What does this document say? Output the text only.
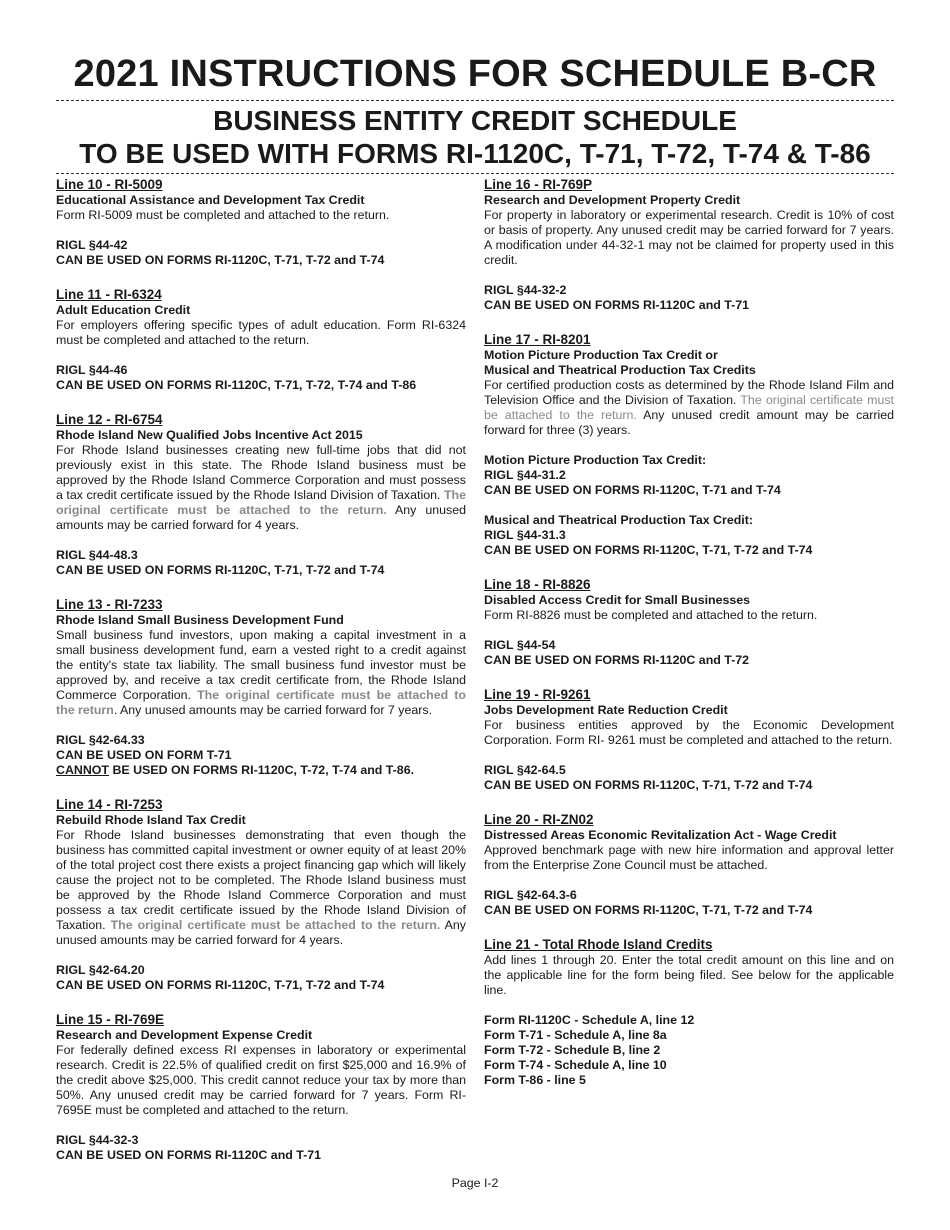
2021 INSTRUCTIONS FOR SCHEDULE B-CR
BUSINESS ENTITY CREDIT SCHEDULE
TO BE USED WITH FORMS RI-1120C, T-71, T-72, T-74 & T-86

Line 10 - RI-5009

Educational Assistance and Development Tax Credit

Form RI-5009 must be completed and attached to the return.

RIGL §44-42

CAN BE USED ON FORMS RI-1120C, T-71, T-72 and T-74

Line 11 - RI-6324

Adult Education Credit

For employers offering specific types of adult education. Form RI-6324 must be completed and attached to the return.

RIGL §44-46

CAN BE USED ON FORMS RI-1120C, T-71, T-72, T-74 and T-86

Line 12 - RI-6754

Rhode Island New Qualified Jobs Incentive Act 2015

For Rhode Island businesses creating new full-time jobs that did not previously exist in this state. The Rhode Island business must be approved by the Rhode Island Commerce Corporation and must possess a tax credit certificate issued by the Rhode Island Division of Taxation. The original certificate must be attached to the return. Any unused amounts may be carried forward for 4 years.

RIGL §44-48.3

CAN BE USED ON FORMS RI-1120C, T-71, T-72 and T-74

Line 13 - RI-7233

Rhode Island Small Business Development Fund

Small business fund investors, upon making a capital investment in a small business development fund, earn a vested right to a credit against the entity's state tax liability. The small business fund investor must be approved by, and receive a tax credit certificate from, the Rhode Island Commerce Corporation. The original certificate must be attached to the return. Any unused amounts may be carried forward for 7 years.

RIGL §42-64.33

CAN BE USED ON FORM T-71

CANNOT BE USED ON FORMS RI-1120C, T-72, T-74 and T-86.

Line 14 - RI-7253

Rebuild Rhode Island Tax Credit

For Rhode Island businesses demonstrating that even though the business has committed capital investment or owner equity of at least 20% of the total project cost there exists a project financing gap which will likely cause the project not to be completed. The Rhode Island business must be approved by the Rhode Island Commerce Corporation and must possess a tax credit certificate issued by the Rhode Island Division of Taxation. The original certificate must be attached to the return. Any unused amounts may be carried forward for 4 years.

RIGL §42-64.20

CAN BE USED ON FORMS RI-1120C, T-71, T-72 and T-74

Line 15 - RI-769E

Research and Development Expense Credit

For federally defined excess RI expenses in laboratory or experimental research. Credit is 22.5% of qualified credit on first $25,000 and 16.9% of the credit above $25,000. This credit cannot reduce your tax by more than 50%. Any unused credit may be carried forward for 7 years. Form RI-7695E must be completed and attached to the return.

RIGL §44-32-3

CAN BE USED ON FORMS RI-1120C and T-71

Line 16 - RI-769P

Research and Development Property Credit

For property in laboratory or experimental research. Credit is 10% of cost or basis of property. Any unused credit may be carried forward for 7 years. A modification under 44-32-1 may not be claimed for property used in this credit.

RIGL §44-32-2

CAN BE USED ON FORMS RI-1120C and T-71

Line 17 - RI-8201

Motion Picture Production Tax Credit or

Musical and Theatrical Production Tax Credits

For certified production costs as determined by the Rhode Island Film and Television Office and the Division of Taxation. The original certificate must be attached to the return. Any unused credit amount may be carried forward for three (3) years.

Motion Picture Production Tax Credit:

RIGL §44-31.2

CAN BE USED ON FORMS RI-1120C, T-71 and T-74

Musical and Theatrical Production Tax Credit:

RIGL §44-31.3

CAN BE USED ON FORMS RI-1120C, T-71, T-72 and T-74

Line 18 - RI-8826

Disabled Access Credit for Small Businesses

Form RI-8826 must be completed and attached to the return.

RIGL §44-54

CAN BE USED ON FORMS RI-1120C and T-72

Line 19 - RI-9261

Jobs Development Rate Reduction Credit

For business entities approved by the Economic Development Corporation. Form RI- 9261 must be completed and attached to the return.

RIGL §42-64.5

CAN BE USED ON FORMS RI-1120C, T-71, T-72 and T-74

Line 20 - RI-ZN02

Distressed Areas Economic Revitalization Act - Wage Credit

Approved benchmark page with new hire information and approval letter from the Enterprise Zone Council must be attached.

RIGL §42-64.3-6

CAN BE USED ON FORMS RI-1120C, T-71, T-72 and T-74

Line 21 - Total Rhode Island Credits

Add lines 1 through 20. Enter the total credit amount on this line and on the applicable line for the form being filed. See below for the applicable line.

Form RI-1120C - Schedule A, line 12

Form T-71 - Schedule A, line 8a

Form T-72 - Schedule B, line 2

Form T-74 - Schedule A, line 10

Form T-86 - line 5

Page I-2
